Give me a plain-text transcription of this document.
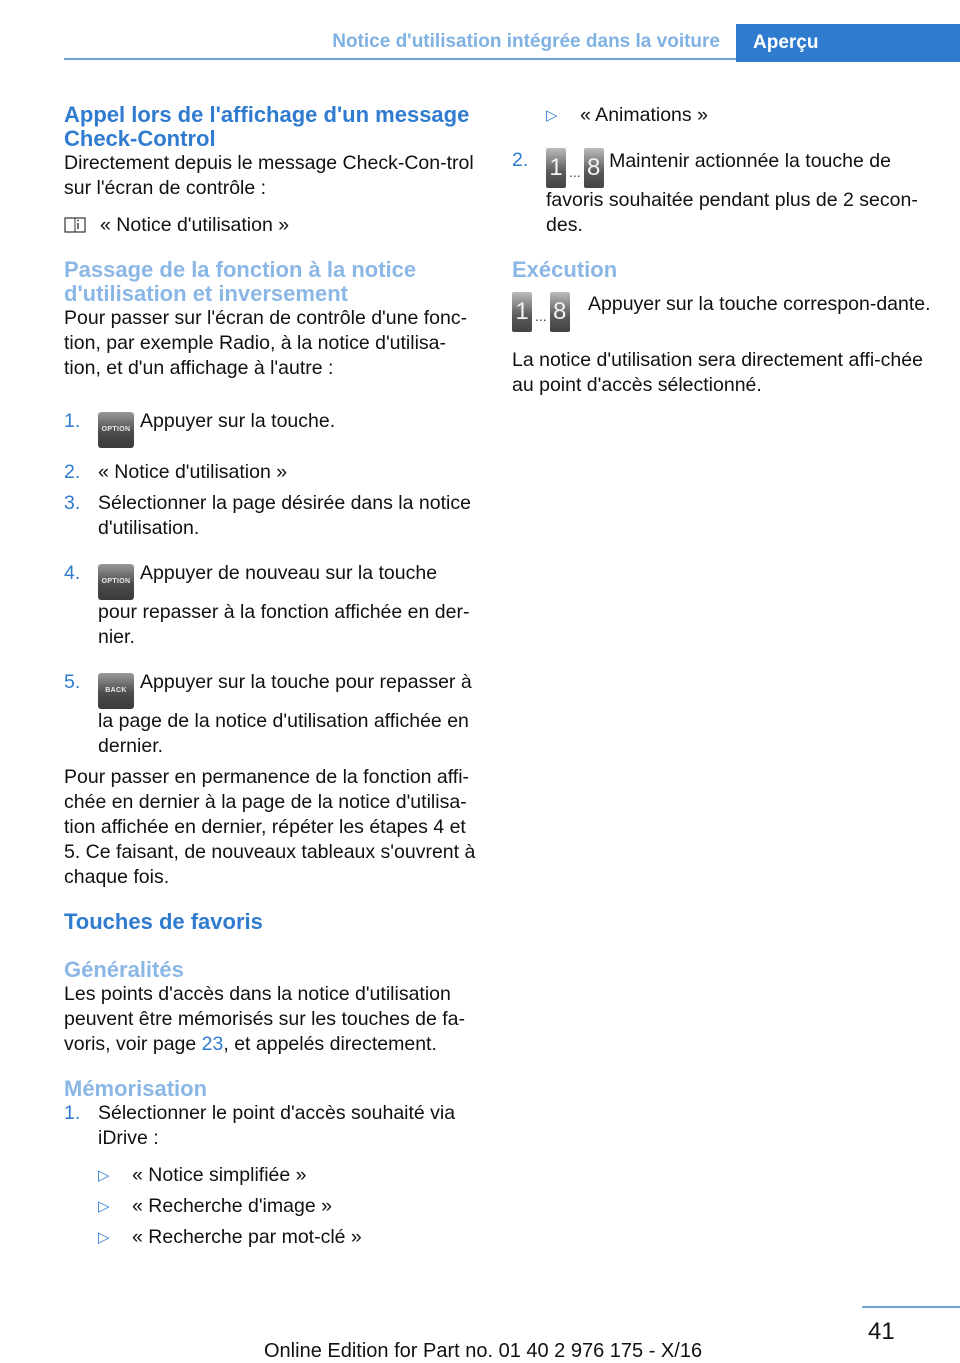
Notice d'utilisation intégrée dans la voiture	Aperçu
Appel lors de l'affichage d'un message Check-Control

Directement depuis le message Check-Con-trol sur l'écran de contrôle :

« Notice d'utilisation »

Passage de la fonction à la notice d'utilisation et inversement

Pour passer sur l'écran de contrôle d'une fonc-tion, par exemple Radio, à la notice d'utilisa-tion, et d'un affichage à l'autre :

1.	OPTION Appuyer sur la touche.
2. « Notice d'utilisation »
3. Sélectionner la page désirée dans la notice d'utilisation.
4.	OPTION Appuyer de nouveau sur la touche pour repasser à la fonction affichée en der-nier.
5.	BACK Appuyer sur la touche pour repasser à la page de la notice d'utilisation affichée en dernier.

Pour passer en permanence de la fonction affi-chée en dernier à la page de la notice d'utilisa-tion affichée en dernier, répéter les étapes 4 et 5. Ce faisant, de nouveaux tableaux s'ouvrent à chaque fois.

Touches de favoris
Généralités

Les points d'accès dans la notice d'utilisation peuvent être mémorisés sur les touches de fa-voris, voir page 23, et appelés directement.

Mémorisation
1. Sélectionner le point d'accès souhaité via iDrive :
▷ « Notice simplifiée »
▷ « Recherche d'image »
▷ « Recherche par mot-clé »
▷ « Animations »
2. 1 ... 8 Maintenir actionnée la touche de favoris souhaitée pendant plus de 2 secon-des.
Exécution
1 ... 8 Appuyer sur la touche correspon-dante.

La notice d'utilisation sera directement affi-chée au point d'accès sélectionné.

41
Online Edition for Part no. 01 40 2 976 175 - X/16
